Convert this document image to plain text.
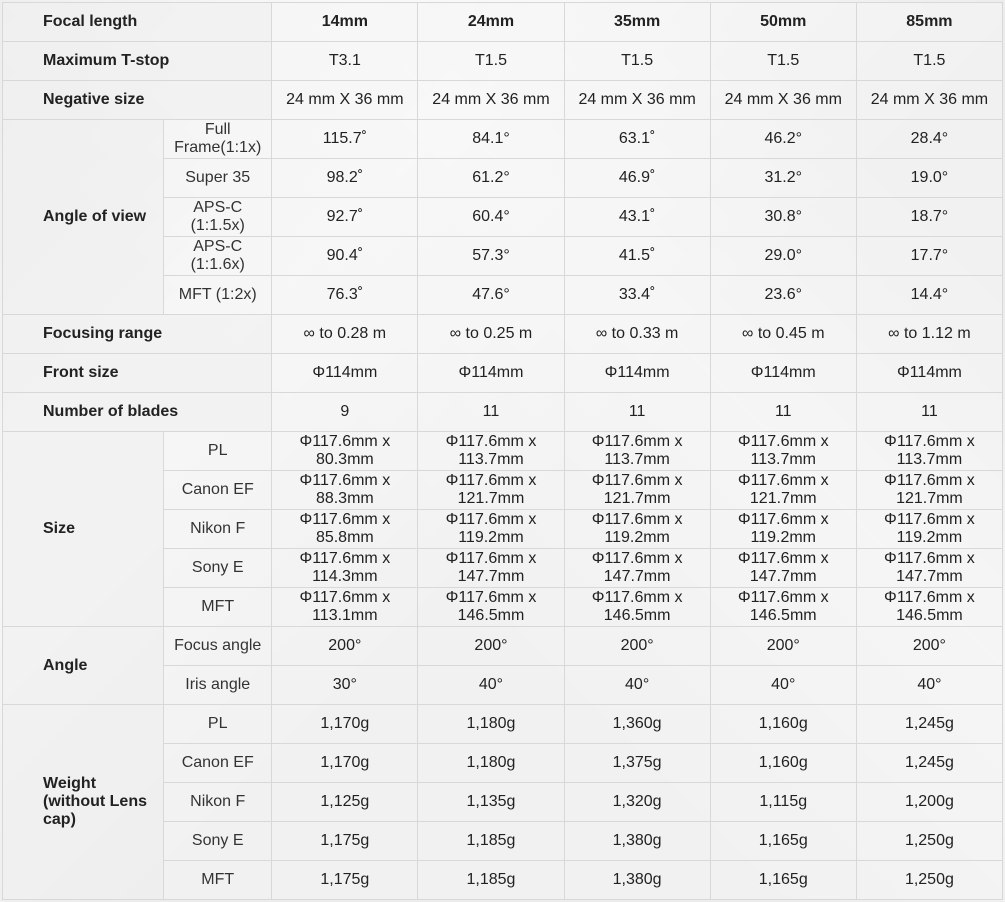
Focal length		14mm	24mm	35mm	50mm	85mm
Maximum T-stop		T3.1	T1.5	T1.5	T1.5	T1.5
Negative size		24 mm X 36 mm	24 mm X 36 mm	24 mm X 36 mm	24 mm X 36 mm	24 mm X 36 mm
Angle of view	Full Frame(1:1x)	115.7˚	84.1°	63.1˚	46.2°	28.4°
	Super 35	98.2˚	61.2°	46.9˚	31.2°	19.0°
	APS-C (1:1.5x)	92.7˚	60.4°	43.1˚	30.8°	18.7°
	APS-C (1:1.6x)	90.4˚	57.3°	41.5˚	29.0°	17.7°
	MFT (1:2x)	76.3˚	47.6°	33.4˚	23.6°	14.4°
Focusing range		∞ to 0.28 m	∞ to 0.25 m	∞ to 0.33 m	∞ to 0.45 m	∞ to 1.12 m
Front size		Φ114mm	Φ114mm	Φ114mm	Φ114mm	Φ114mm
Number of blades		9	11	11	11	11
Size	PL	Φ117.6mm x 80.3mm	Φ117.6mm x 113.7mm	Φ117.6mm x 113.7mm	Φ117.6mm x 113.7mm	Φ117.6mm x 113.7mm
	Canon EF	Φ117.6mm x 88.3mm	Φ117.6mm x 121.7mm	Φ117.6mm x 121.7mm	Φ117.6mm x 121.7mm	Φ117.6mm x 121.7mm
	Nikon F	Φ117.6mm x 85.8mm	Φ117.6mm x 119.2mm	Φ117.6mm x 119.2mm	Φ117.6mm x 119.2mm	Φ117.6mm x 119.2mm
	Sony E	Φ117.6mm x 114.3mm	Φ117.6mm x 147.7mm	Φ117.6mm x 147.7mm	Φ117.6mm x 147.7mm	Φ117.6mm x 147.7mm
	MFT	Φ117.6mm x 113.1mm	Φ117.6mm x 146.5mm	Φ117.6mm x 146.5mm	Φ117.6mm x 146.5mm	Φ117.6mm x 146.5mm
Angle	Focus angle	200°	200°	200°	200°	200°
	Iris angle	30°	40°	40°	40°	40°
Weight (without Lens cap)	PL	1,170g	1,180g	1,360g	1,160g	1,245g
	Canon EF	1,170g	1,180g	1,375g	1,160g	1,245g
	Nikon F	1,125g	1,135g	1,320g	1,115g	1,200g
	Sony E	1,175g	1,185g	1,380g	1,165g	1,250g
	MFT	1,175g	1,185g	1,380g	1,165g	1,250g
